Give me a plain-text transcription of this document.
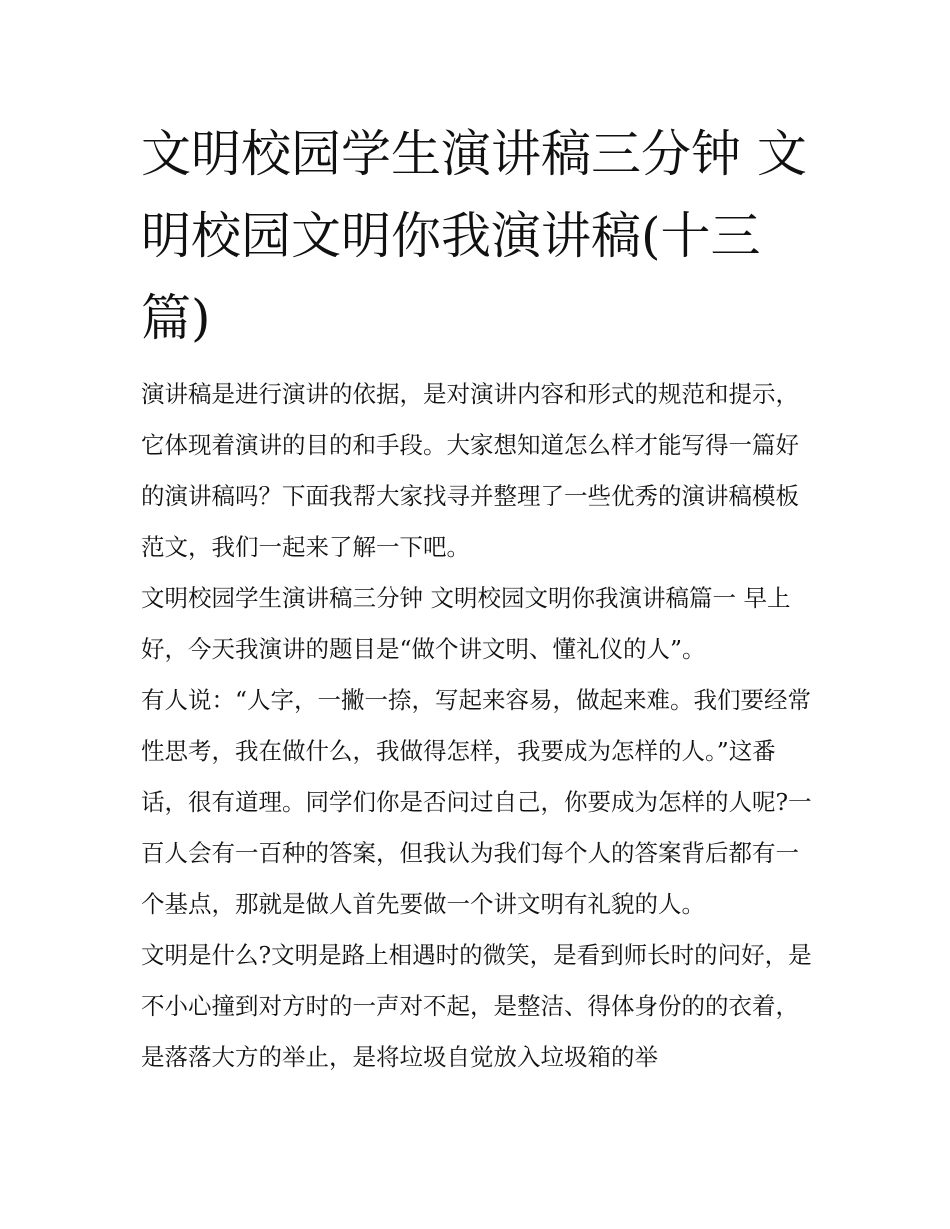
文明校园学生演讲稿三分钟 文明校园文明你我演讲稿(十三篇)

演讲稿是进行演讲的依据，是对演讲内容和形式的规范和提示，它体现着演讲的目的和手段。大家想知道怎么样才能写得一篇好的演讲稿吗？下面我帮大家找寻并整理了一些优秀的演讲稿模板范文，我们一起来了解一下吧。

文明校园学生演讲稿三分钟 文明校园文明你我演讲稿篇一 早上好，今天我演讲的题目是“做个讲文明、懂礼仪的人”。

有人说：“人字，一撇一捺，写起来容易，做起来难。我们要经常性思考，我在做什么，我做得怎样，我要成为怎样的人。”这番话，很有道理。同学们你是否问过自己，你要成为怎样的人呢?一百人会有一百种的答案，但我认为我们每个人的答案背后都有一个基点，那就是做人首先要做一个讲文明有礼貌的人。

文明是什么?文明是路上相遇时的微笑，是看到师长时的问好，是不小心撞到对方时的一声对不起，是整洁、得体身份的的衣着，是落落大方的举止，是将垃圾自觉放入垃圾箱的举
